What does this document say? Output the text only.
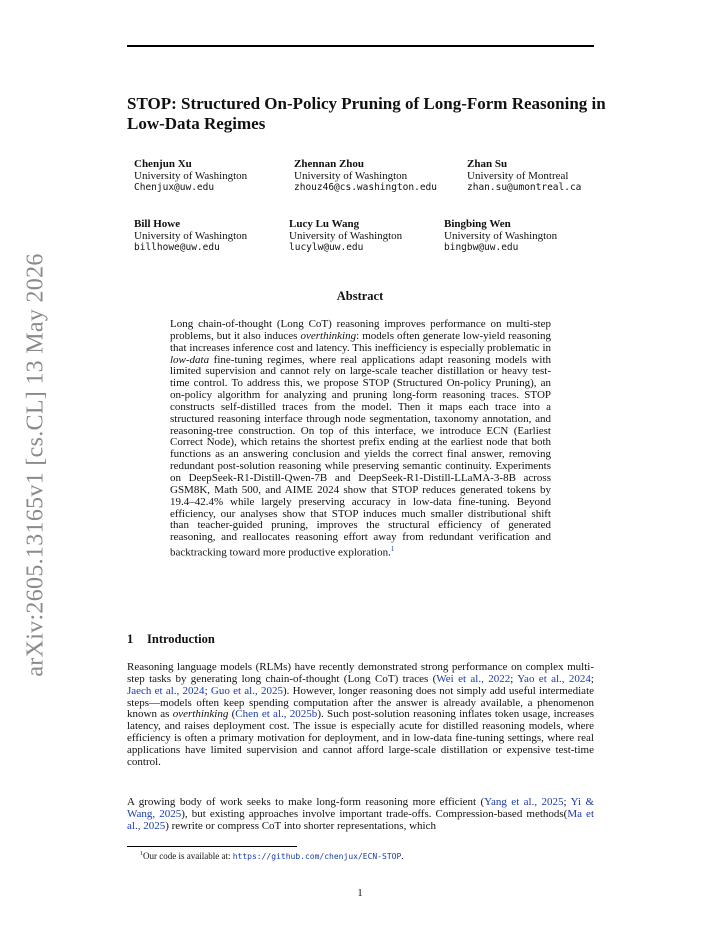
arXiv:2605.13165v1 [cs.CL] 13 May 2026
STOP: Structured On-Policy Pruning of Long-Form Reasoning in Low-Data Regimes
Chenjun Xu
University of Washington
Chenjux@uw.edu
Zhennan Zhou
University of Washington
zhouz46@cs.washington.edu
Zhan Su
University of Montreal
zhan.su@umontreal.ca
Bill Howe
University of Washington
billhowe@uw.edu
Lucy Lu Wang
University of Washington
lucylw@uw.edu
Bingbing Wen
University of Washington
bingbw@uw.edu
Abstract
Long chain-of-thought (Long CoT) reasoning improves performance on multi-step problems, but it also induces overthinking: models often generate low-yield reasoning that increases inference cost and latency. This inefficiency is especially problematic in low-data fine-tuning regimes, where real applications adapt reasoning models with limited supervision and cannot rely on large-scale teacher distillation or heavy test-time control. To address this, we propose STOP (Structured On-policy Pruning), an on-policy algorithm for analyzing and pruning long-form reasoning traces. STOP constructs self-distilled traces from the model. Then it maps each trace into a structured reasoning interface through node segmentation, taxonomy annotation, and reasoning-tree construction. On top of this interface, we introduce ECN (Earliest Correct Node), which retains the shortest prefix ending at the earliest node that both functions as an answering conclusion and yields the correct final answer, removing redundant post-solution reasoning while preserving semantic continuity. Experiments on DeepSeek-R1-Distill-Qwen-7B and DeepSeek-R1-Distill-LLaMA-3-8B across GSM8K, Math 500, and AIME 2024 show that STOP reduces generated tokens by 19.4–42.4% while largely preserving accuracy in low-data fine-tuning. Beyond efficiency, our analyses show that STOP induces much smaller distributional shift than teacher-guided pruning, improves the structural efficiency of generated reasoning, and reallocates reasoning effort away from redundant verification and backtracking toward more productive exploration.$^1$
1 Introduction
Reasoning language models (RLMs) have recently demonstrated strong performance on complex multi-step tasks by generating long chain-of-thought (Long CoT) traces (Wei et al., 2022; Yao et al., 2024; Jaech et al., 2024; Guo et al., 2025). However, longer reasoning does not simply add useful intermediate steps—models often keep spending computation after the answer is already available, a phenomenon known as overthinking (Chen et al., 2025b). Such post-solution reasoning inflates token usage, increases latency, and raises deployment cost. The issue is especially acute for distilled reasoning models, where efficiency is often a primary motivation for deployment, and in low-data fine-tuning settings, where real applications have limited supervision and cannot afford large-scale distillation or expensive test-time control.
A growing body of work seeks to make long-form reasoning more efficient (Yang et al., 2025; Yi & Wang, 2025), but existing approaches involve important trade-offs. Compression-based methods(Ma et al., 2025) rewrite or compress CoT into shorter representations, which
$^1$Our code is available at: https://github.com/chenjux/ECN-STOP.
1
